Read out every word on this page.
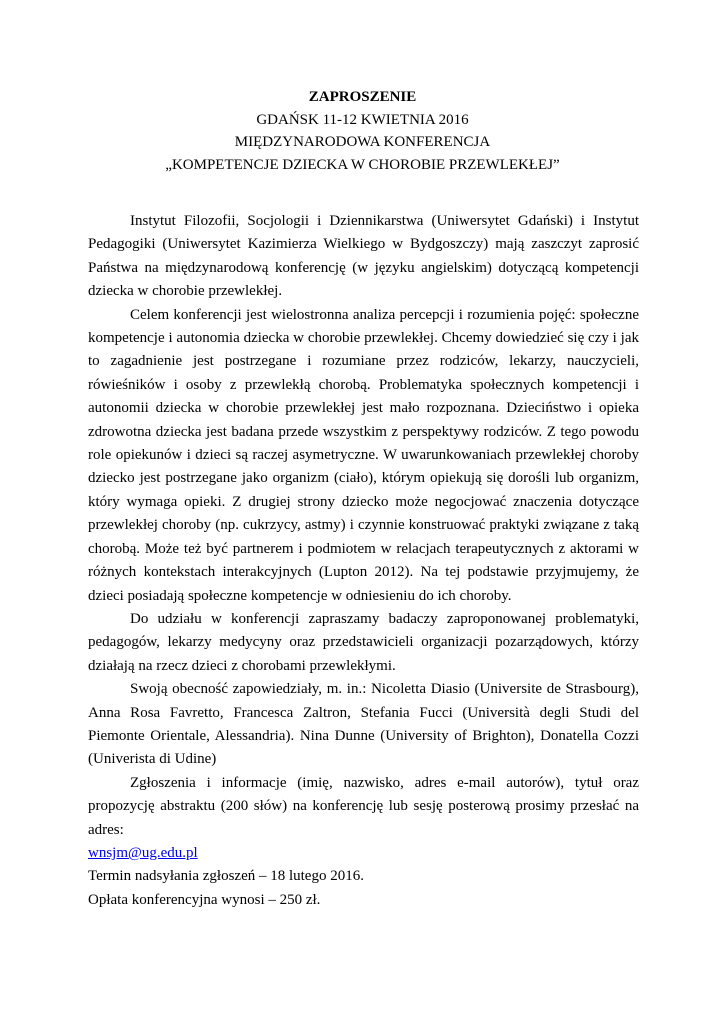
ZAPROSZENIE
GDAŃSK 11-12 KWIETNIA 2016
MIĘDZYNARODOWA KONFERENCJA
„KOMPETENCJE DZIECKA W CHOROBIE PRZEWLEKŁEJ”

Instytut Filozofii, Socjologii i Dziennikarstwa (Uniwersytet Gdański) i Instytut Pedagogiki (Uniwersytet Kazimierza Wielkiego w Bydgoszczy) mają zaszczyt zaprosić Państwa na międzynarodową konferencję (w języku angielskim) dotyczącą kompetencji dziecka w chorobie przewlekłej.

Celem konferencji jest wielostronna analiza percepcji i rozumienia pojęć: społeczne kompetencje i autonomia dziecka w chorobie przewlekłej. Chcemy dowiedzieć się czy i jak to zagadnienie jest postrzegane i rozumiane przez rodziców, lekarzy, nauczycieli, rówieśników i osoby z przewlekłą chorobą. Problematyka społecznych kompetencji i autonomii dziecka w chorobie przewlekłej jest mało rozpoznana. Dzieciństwo i opieka zdrowotna dziecka jest badana przede wszystkim z perspektywy rodziców. Z tego powodu role opiekunów i dzieci są raczej asymetryczne. W uwarunkowaniach przewlekłej choroby dziecko jest postrzegane jako organizm (ciało), którym opiekują się dorośli lub organizm, który wymaga opieki. Z drugiej strony dziecko może negocjować znaczenia dotyczące przewlekłej choroby (np. cukrzycy, astmy) i czynnie konstruować praktyki związane z taką chorobą. Może też być partnerem i podmiotem w relacjach terapeutycznych z aktorami w różnych kontekstach interakcyjnych (Lupton 2012). Na tej podstawie przyjmujemy, że dzieci posiadają społeczne kompetencje w odniesieniu do ich choroby.

Do udziału w konferencji zapraszamy badaczy zaproponowanej problematyki, pedagogów, lekarzy medycyny oraz przedstawicieli organizacji pozarządowych, którzy działają na rzecz dzieci z chorobami przewlekłymi.

Swoją obecność zapowiedziały, m. in.: Nicoletta Diasio (Universite de Strasbourg), Anna Rosa Favretto, Francesca Zaltron, Stefania Fucci (Università degli Studi del Piemonte Orientale, Alessandria). Nina Dunne (University of Brighton), Donatella Cozzi (Univerista di Udine)

Zgłoszenia i informacje (imię, nazwisko, adres e-mail autorów), tytuł oraz propozycję abstraktu (200 słów) na konferencję lub sesję posterową prosimy przesłać na adres:

wnsjm@ug.edu.pl
Termin nadsyłania zgłoszeń – 18 lutego 2016.
Opłata konferencyjna wynosi – 250 zł.
